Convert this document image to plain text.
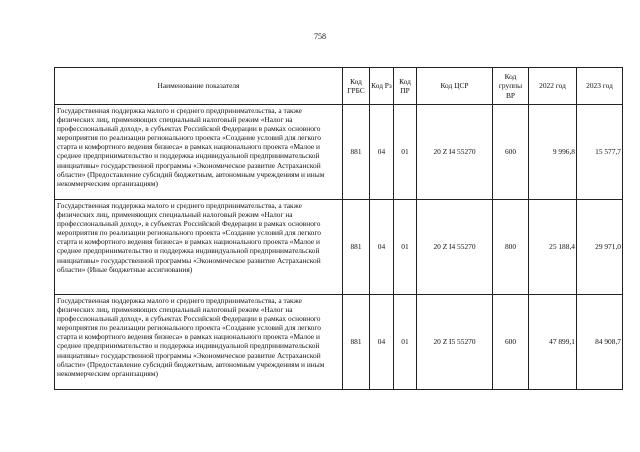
758
Наименование показателя	Код ГРБС	Код Рз	Код ПР	Код ЦСР	Код группы ВР	2022 год	2023 год
Государственная поддержка малого и среднего предпринимательства, а также физических лиц, применяющих специальный налоговый режим «Налог на профессиональный доход», в субъектах Российской Федерации в рамках основного мероприятия по реализации регионального проекта «Создание условий для легкого старта и комфортного ведения бизнеса» в рамках национального проекта «Малое и среднее предпринимательство и поддержка индивидуальной предпринимательской инициативы» государственной программы «Экономическое развитие Астраханской области» (Предоставление субсидий бюджетным, автономным учреждениям и иным некоммерческим организациям)	881	04	01	20 Z I4 55270	600	9 996,8	15 577,7
Государственная поддержка малого и среднего предпринимательства, а также физических лиц, применяющих специальный налоговый режим «Налог на профессиональный доход», в субъектах Российской Федерации в рамках основного мероприятия по реализации регионального проекта «Создание условий для легкого старта и комфортного ведения бизнеса» в рамках национального проекта «Малое и среднее предпринимательство и поддержка индивидуальной предпринимательской инициативы» государственной программы «Экономическое развитие Астраханской области» (Иные бюджетные ассигнования)	881	04	01	20 Z I4 55270	800	25 188,4	29 971,0
Государственная поддержка малого и среднего предпринимательства, а также физических лиц, применяющих специальный налоговый режим «Налог на профессиональный доход», в субъектах Российской Федерации в рамках основного мероприятия по реализации регионального проекта «Создание условий для легкого старта и комфортного ведения бизнеса» в рамках национального проекта «Малое и среднее предпринимательство и поддержка индивидуальной предпринимательской инициативы» государственной программы «Экономическое развитие Астраханской области» (Предоставление субсидий бюджетным, автономным учреждениям и иным некоммерческим организациям)	881	04	01	20 Z I5 55270	600	47 899,1	84 908,7
